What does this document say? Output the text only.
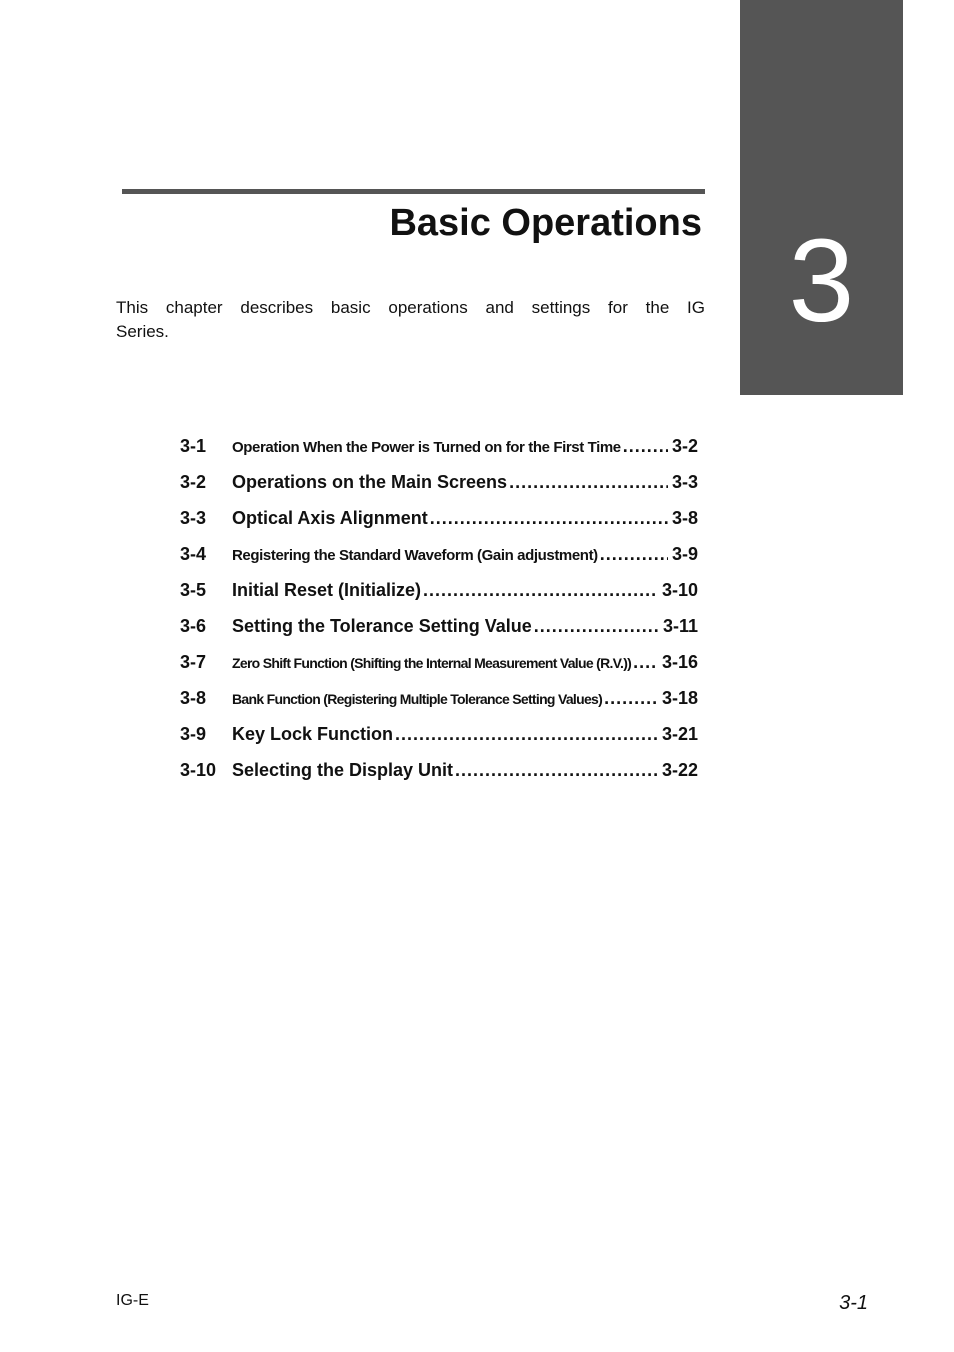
3
Basic Operations

This chapter describes basic operations and settings for the IG Series.

3-1	Operation When the Power is Turned on for the First Time .....	3-2
3-2	Operations on the Main Screens .....	3-3
3-3	Optical Axis Alignment .....	3-8
3-4	Registering the Standard Waveform (Gain adjustment) .....	3-9
3-5	Initial Reset (Initialize) .....	3-10
3-6	Setting the Tolerance Setting Value .....	3-11
3-7	Zero Shift Function (Shifting the Internal Measurement Value (R.V.)) ..... 3-16
3-8	Bank Function (Registering Multiple Tolerance Setting Values) .....	3-18
3-9	Key Lock Function .....	3-21
3-10 Selecting the Display Unit .....	3-22

IG-E	3-1
